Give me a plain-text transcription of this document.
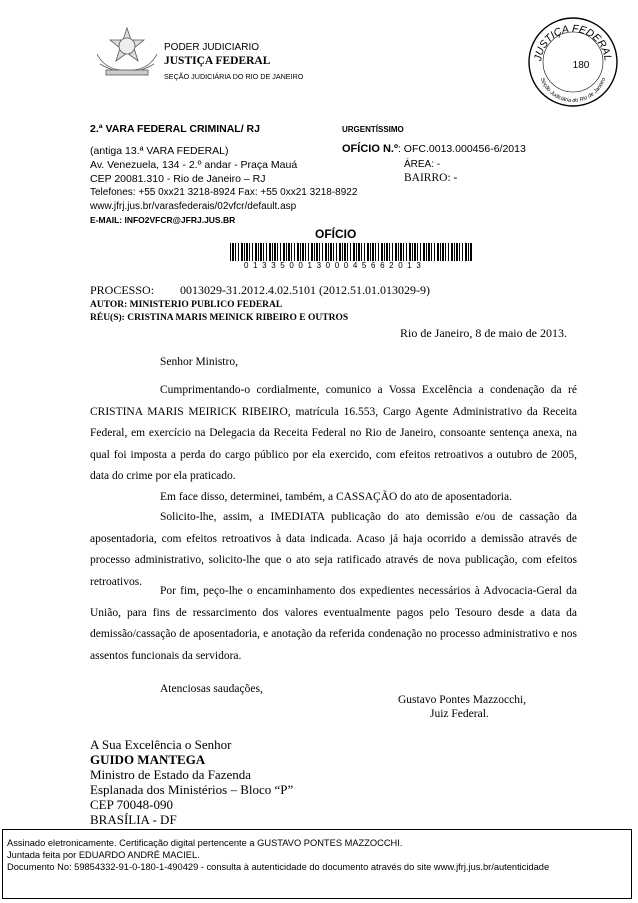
PODER JUDICIARIO
JUSTIÇA FEDERAL
SEÇÃO JUDICIÁRIA DO RIO DE JANEIRO
JUSTIÇA FEDERAL
Seção Judiciária do Rio de Janeiro
180
2.ª VARA FEDERAL CRIMINAL/ RJ	URGENTÍSSIMO
(antiga 13.ª VARA FEDERAL)	OFÍCIO N.º: OFC.0013.000456-6/2013
Av. Venezuela, 134 - 2.º andar - Praça Mauá	ÁREA: -
CEP 20081.310 - Rio de Janeiro – RJ	BAIRRO: -
Telefones: +55 0xx21 3218-8924 Fax: +55 0xx21 3218-8922
www.jfrj.jus.br/varasfederais/02vfcr/default.asp
E-MAIL: INFO2VFCR@JFRJ.JUS.BR
OFÍCIO
0 1 3 3 5 0 0 1 3 0 0 0 4 5 6 6 2 0 1 3
PROCESSO: 0013029-31.2012.4.02.5101 (2012.51.01.013029-9)
AUTOR: MINISTERIO PUBLICO FEDERAL
RÉU(S): CRISTINA MARIS MEINICK RIBEIRO E OUTROS
Rio de Janeiro, 8 de maio de 2013.
Senhor Ministro,
Cumprimentando-o cordialmente, comunico a Vossa Excelência a condenação da ré CRISTINA MARIS MEIRICK RIBEIRO, matrícula 16.553, Cargo Agente Administrativo da Receita Federal, em exercício na Delegacia da Receita Federal no Rio de Janeiro, consoante sentença anexa, na qual foi imposta a perda do cargo público por ela exercido, com efeitos retroativos a outubro de 2005, data do crime por ela praticado.
Em face disso, determinei, também, a CASSAÇÃO do ato de aposentadoria.
Solicito-lhe, assim, a IMEDIATA publicação do ato demissão e/ou de cassação da aposentadoria, com efeitos retroativos à data indicada. Acaso já haja ocorrido a demissão através de processo administrativo, solicito-lhe que o ato seja ratificado através de nova publicação, com efeitos retroativos.
Por fim, peço-lhe o encaminhamento dos expedientes necessários à Advocacia-Geral da União, para fins de ressarcimento dos valores eventualmente pagos pelo Tesouro desde a data da demissão/cassação de aposentadoria, e anotação da referida condenação no processo administrativo e nos assentos funcionais da servidora.
Atenciosas saudações,
Gustavo Pontes Mazzocchi,
Juiz Federal.
A Sua Excelência o Senhor
GUIDO MANTEGA
Ministro de Estado da Fazenda
Esplanada dos Ministérios – Bloco “P”
CEP 70048-090
BRASÍLIA - DF
Assinado eletronicamente. Certificação digital pertencente a GUSTAVO PONTES MAZZOCCHI.
Juntada feita por EDUARDO ANDRÉ MACIEL.
Documento No: 59854332-91-0-180-1-490429 - consulta à autenticidade do documento através do site www.jfrj.jus.br/autenticidade
